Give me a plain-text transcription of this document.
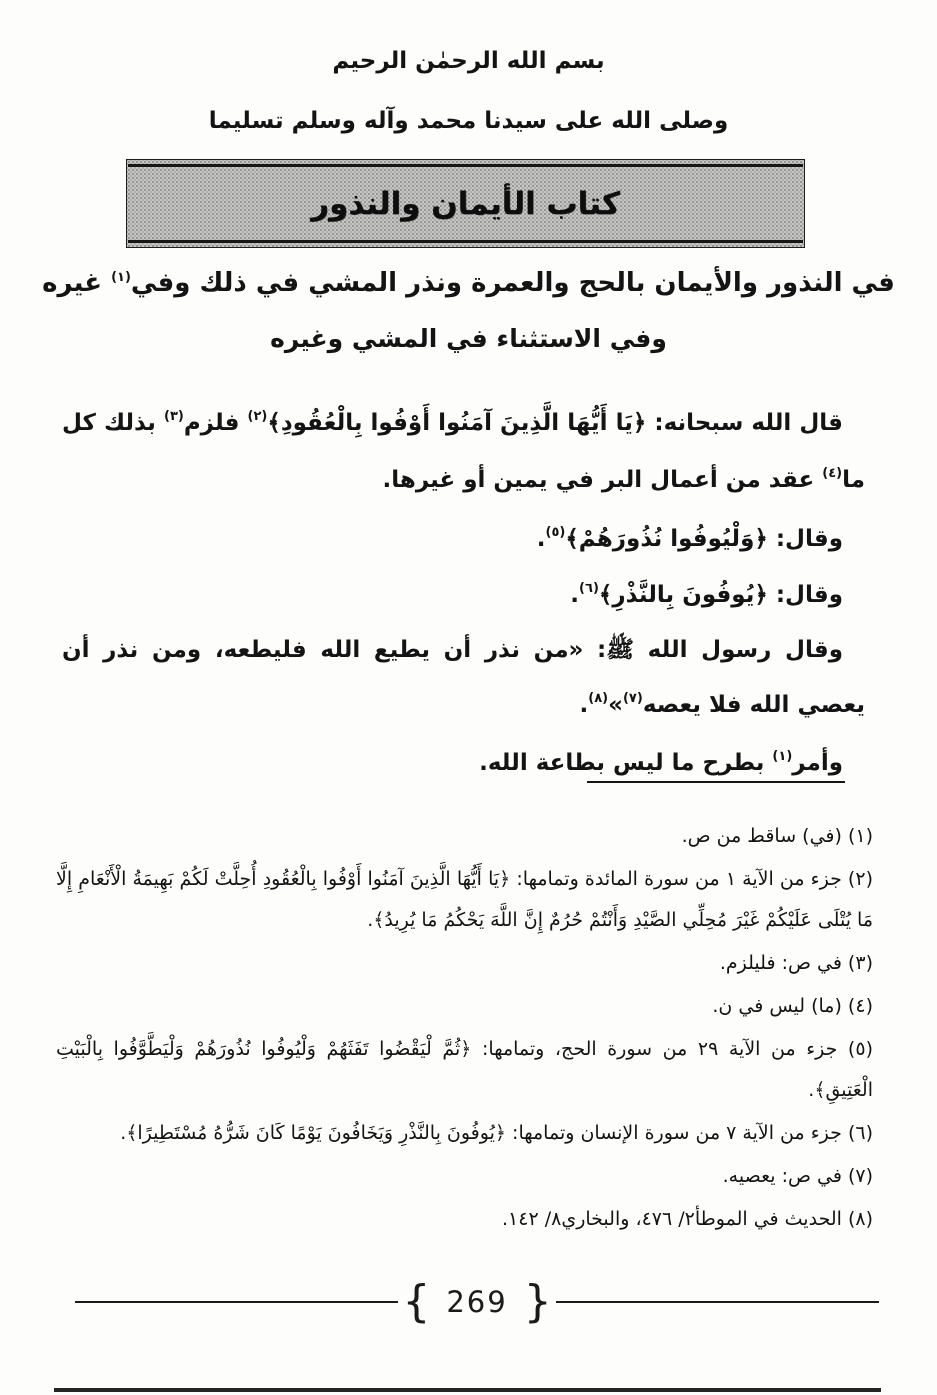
بسم الله الرحمٰن الرحيم
وصلى الله على سيدنا محمد وآله وسلم تسليما
كتاب الأيمان والنذور
في النذور والأيمان بالحج والعمرة ونذر المشي في ذلك وفي$^{(١)}$ غيره
وفي الاستثناء في المشي وغيره

قال الله سبحانه: ﴿يَا أَيُّهَا الَّذِينَ آمَنُوا أَوْفُوا بِالْعُقُودِ﴾$^{(٢)}$ فلزم$^{(٣)}$ بذلك كل ما$^{(٤)}$ عقد من أعمال البر في يمين أو غيرها.

وقال: ﴿وَلْيُوفُوا نُذُورَهُمْ﴾$^{(٥)}$.

وقال: ﴿يُوفُونَ بِالنَّذْرِ﴾$^{(٦)}$.

وقال رسول الله ﷺ: «من نذر أن يطيع الله فليطعه، ومن نذر أن يعصي الله فلا يعصه$^{(٧)}$»$^{(٨)}$.

وأمر$^{(١)}$ بطرح ما ليس بطاعة الله.

(١) (في) ساقط من ص.
(٢) جزء من الآية ١ من سورة المائدة وتمامها: ﴿يَا أَيُّهَا الَّذِينَ آمَنُوا أَوْفُوا بِالْعُقُودِ أُحِلَّتْ لَكُمْ بَهِيمَةُ الْأَنْعَامِ إِلَّا مَا يُتْلَى عَلَيْكُمْ غَيْرَ مُحِلِّي الصَّيْدِ وَأَنْتُمْ حُرُمٌ إِنَّ اللَّهَ يَحْكُمُ مَا يُرِيدُ﴾.
(٣) في ص: فليلزم.
(٤) (ما) ليس في ن.
(٥) جزء من الآية ٢٩ من سورة الحج، وتمامها: ﴿ثُمَّ لْيَقْضُوا تَفَثَهُمْ وَلْيُوفُوا نُذُورَهُمْ وَلْيَطَّوَّفُوا بِالْبَيْتِ الْعَتِيقِ﴾.
(٦) جزء من الآية ٧ من سورة الإنسان وتمامها: ﴿يُوفُونَ بِالنَّذْرِ وَيَخَافُونَ يَوْمًا كَانَ شَرُّهُ مُسْتَطِيرًا﴾.
(٧) في ص: يعصيه.
(٨) الحديث في الموطأ٢/ ٤٧٦، والبخاري٨/ ١٤٢.
{ 269 }
